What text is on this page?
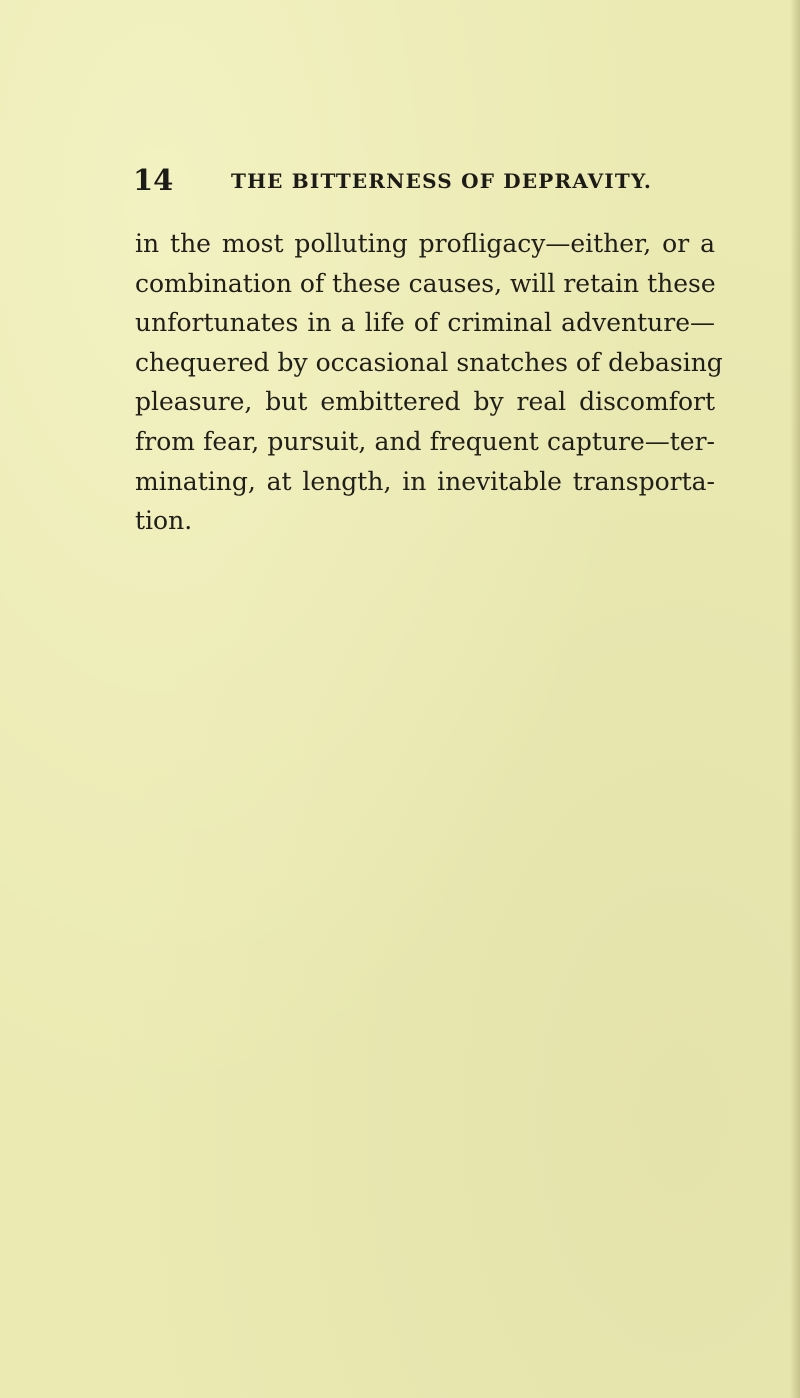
14	THE BITTERNESS OF DEPRAVITY.
in the most polluting profligacy—either, or a
combination of these causes, will retain these
unfortunates in a life of criminal adventure—
chequered by occasional snatches of debasing
pleasure, but embittered by real discomfort
from fear, pursuit, and frequent capture—ter-
minating, at length, in inevitable transporta-
tion.
